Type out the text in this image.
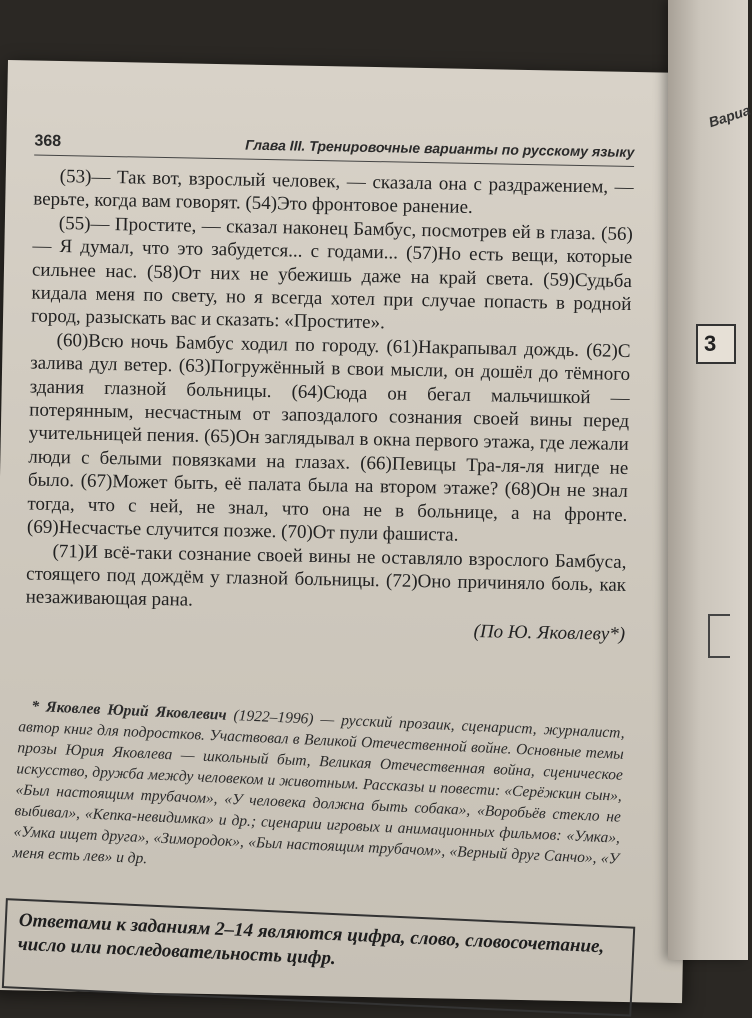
368	Глава III. Тренировочные варианты по русскому языку

(53)— Так вот, взрослый человек, — сказала она с раздражением, — верьте, когда вам говорят. (54)Это фронтовое ранение.

(55)— Простите, — сказал наконец Бамбус, посмотрев ей в глаза. (56)— Я думал, что это забудется... с годами... (57)Но есть вещи, которые сильнее нас. (58)От них не убежишь даже на край света. (59)Судьба кидала меня по свету, но я всегда хотел при случае попасть в родной город, разыскать вас и сказать: «Простите».

(60)Всю ночь Бамбус ходил по городу. (61)Накрапывал дождь. (62)С залива дул ветер. (63)Погружённый в свои мысли, он дошёл до тёмного здания глазной больницы. (64)Сюда он бегал мальчишкой — потерянным, несчастным от запоздалого сознания своей вины перед учительницей пения. (65)Он заглядывал в окна первого этажа, где лежали люди с белыми повязками на глазах. (66)Певицы Тра-ля-ля нигде не было. (67)Может быть, её палата была на втором этаже? (68)Он не знал тогда, что с ней, не знал, что она не в больнице, а на фронте. (69)Несчастье случится позже. (70)От пули фашиста.

(71)И всё-таки сознание своей вины не оставляло взрослого Бамбуса, стоящего под дождём у глазной больницы. (72)Оно причиняло боль, как незаживающая рана.

(По Ю. Яковлеву*)

* Яковлев Юрий Яковлевич (1922–1996) — русский прозаик, сценарист, журналист, автор книг для подростков. Участвовал в Великой Отечественной войне. Основные темы прозы Юрия Яковлева — школьный быт, Великая Отечественная война, сценическое искусство, дружба между человеком и животным. Рассказы и повести: «Серёжкин сын», «Был настоящим трубачом», «У человека должна быть собака», «Воробьёв стекло не выбивал», «Кепка-невидимка» и др.; сценарии игровых и анимационных фильмов: «Умка», «Умка ищет друга», «Зимородок», «Был настоящим трубачом», «Верный друг Санчо», «У меня есть лев» и др.

Ответами к заданиям 2–14 являются цифра, слово, словосочетание, число или последовательность цифр.
Вариа
3
